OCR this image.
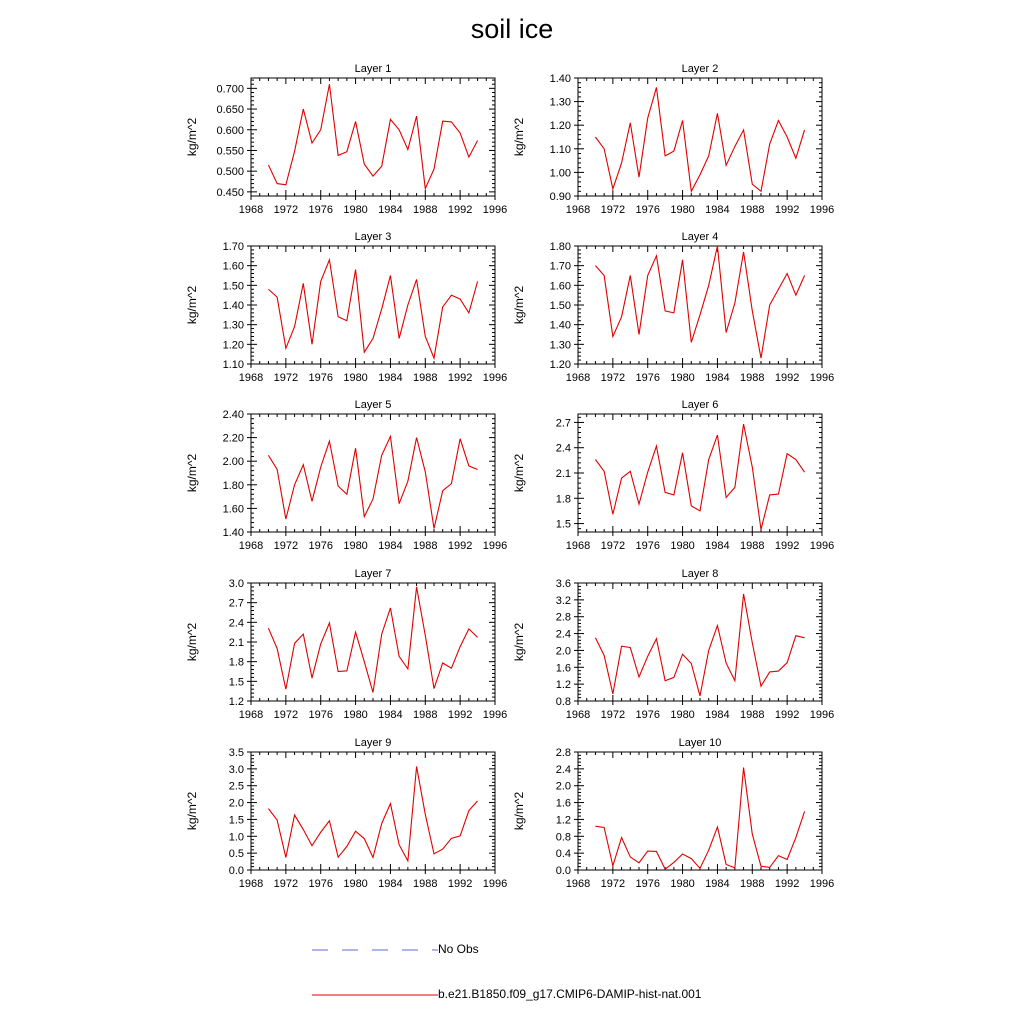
soil ice
Layer 1
kg/m^2
1968 1972 1976 1980 1984 1988 1992 1996
0.450
0.500
0.550
0.600
0.650
0.700
Layer 2
kg/m^2
1968 1972 1976 1980 1984 1988 1992 1996
0.90
1.00
1.10
1.20
1.30
1.40
Layer 3
kg/m^2
1968 1972 1976 1980 1984 1988 1992 1996
1.10
1.20
1.30
1.40
1.50
1.60
1.70
Layer 4
kg/m^2
1968 1972 1976 1980 1984 1988 1992 1996
1.20
1.30
1.40
1.50
1.60
1.70
1.80
Layer 5
kg/m^2
1968 1972 1976 1980 1984 1988 1992 1996
1.40
1.60
1.80
2.00
2.20
2.40
Layer 6
kg/m^2
1968 1972 1976 1980 1984 1988 1992 1996
1.5
1.8
2.1
2.4
2.7
Layer 7
kg/m^2
1968 1972 1976 1980 1984 1988 1992 1996
1.2
1.5
1.8
2.1
2.4
2.7
3.0
Layer 8
kg/m^2
1968 1972 1976 1980 1984 1988 1992 1996
0.8
1.2
1.6
2.0
2.4
2.8
3.2
3.6
Layer 9
kg/m^2
1968 1972 1976 1980 1984 1988 1992 1996
0.0
0.5
1.0
1.5
2.0
2.5
3.0
3.5
Layer 10
kg/m^2
1968 1972 1976 1980 1984 1988 1992 1996
0.0
0.4
0.8
1.2
1.6
2.0
2.4
2.8
No Obs
b.e21.B1850.f09_g17.CMIP6-DAMIP-hist-nat.001
